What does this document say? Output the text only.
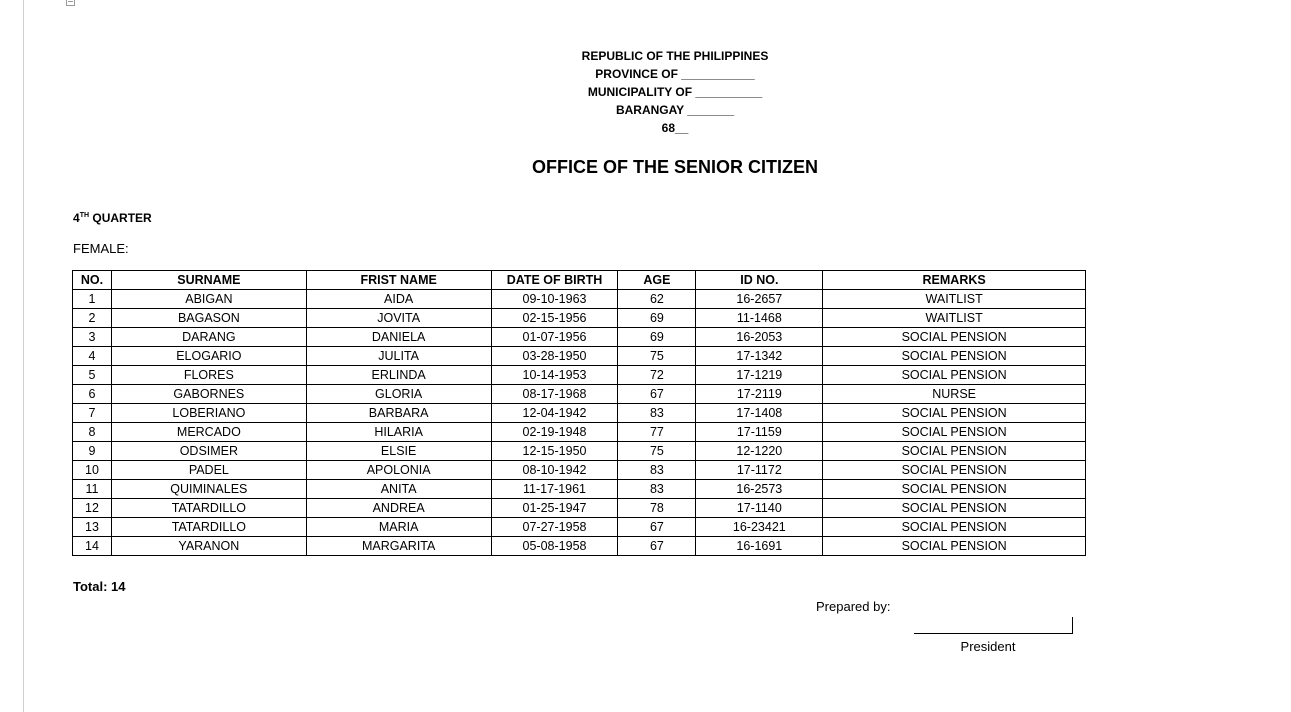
REPUBLIC OF THE PHILIPPINES
PROVINCE OF ___________
MUNICIPALITY OF __________
BARANGAY _______
68__
OFFICE OF THE SENIOR CITIZEN
4TH QUARTER
FEMALE:
NO.	SURNAME	FRIST NAME	DATE OF BIRTH	AGE	ID NO.	REMARKS
1	ABIGAN	AIDA	09-10-1963	62	16-2657	WAITLIST
2	BAGASON	JOVITA	02-15-1956	69	11-1468	WAITLIST
3	DARANG	DANIELA	01-07-1956	69	16-2053	SOCIAL PENSION
4	ELOGARIO	JULITA	03-28-1950	75	17-1342	SOCIAL PENSION
5	FLORES	ERLINDA	10-14-1953	72	17-1219	SOCIAL PENSION
6	GABORNES	GLORIA	08-17-1968	67	17-2119	NURSE
7	LOBERIANO	BARBARA	12-04-1942	83	17-1408	SOCIAL PENSION
8	MERCADO	HILARIA	02-19-1948	77	17-1159	SOCIAL PENSION
9	ODSIMER	ELSIE	12-15-1950	75	12-1220	SOCIAL PENSION
10	PADEL	APOLONIA	08-10-1942	83	17-1172	SOCIAL PENSION
11	QUIMINALES	ANITA	11-17-1961	83	16-2573	SOCIAL PENSION
12	TATARDILLO	ANDREA	01-25-1947	78	17-1140	SOCIAL PENSION
13	TATARDILLO	MARIA	07-27-1958	67	16-23421	SOCIAL PENSION
14	YARANON	MARGARITA	05-08-1958	67	16-1691	SOCIAL PENSION
Total: 14
Prepared by:
President
